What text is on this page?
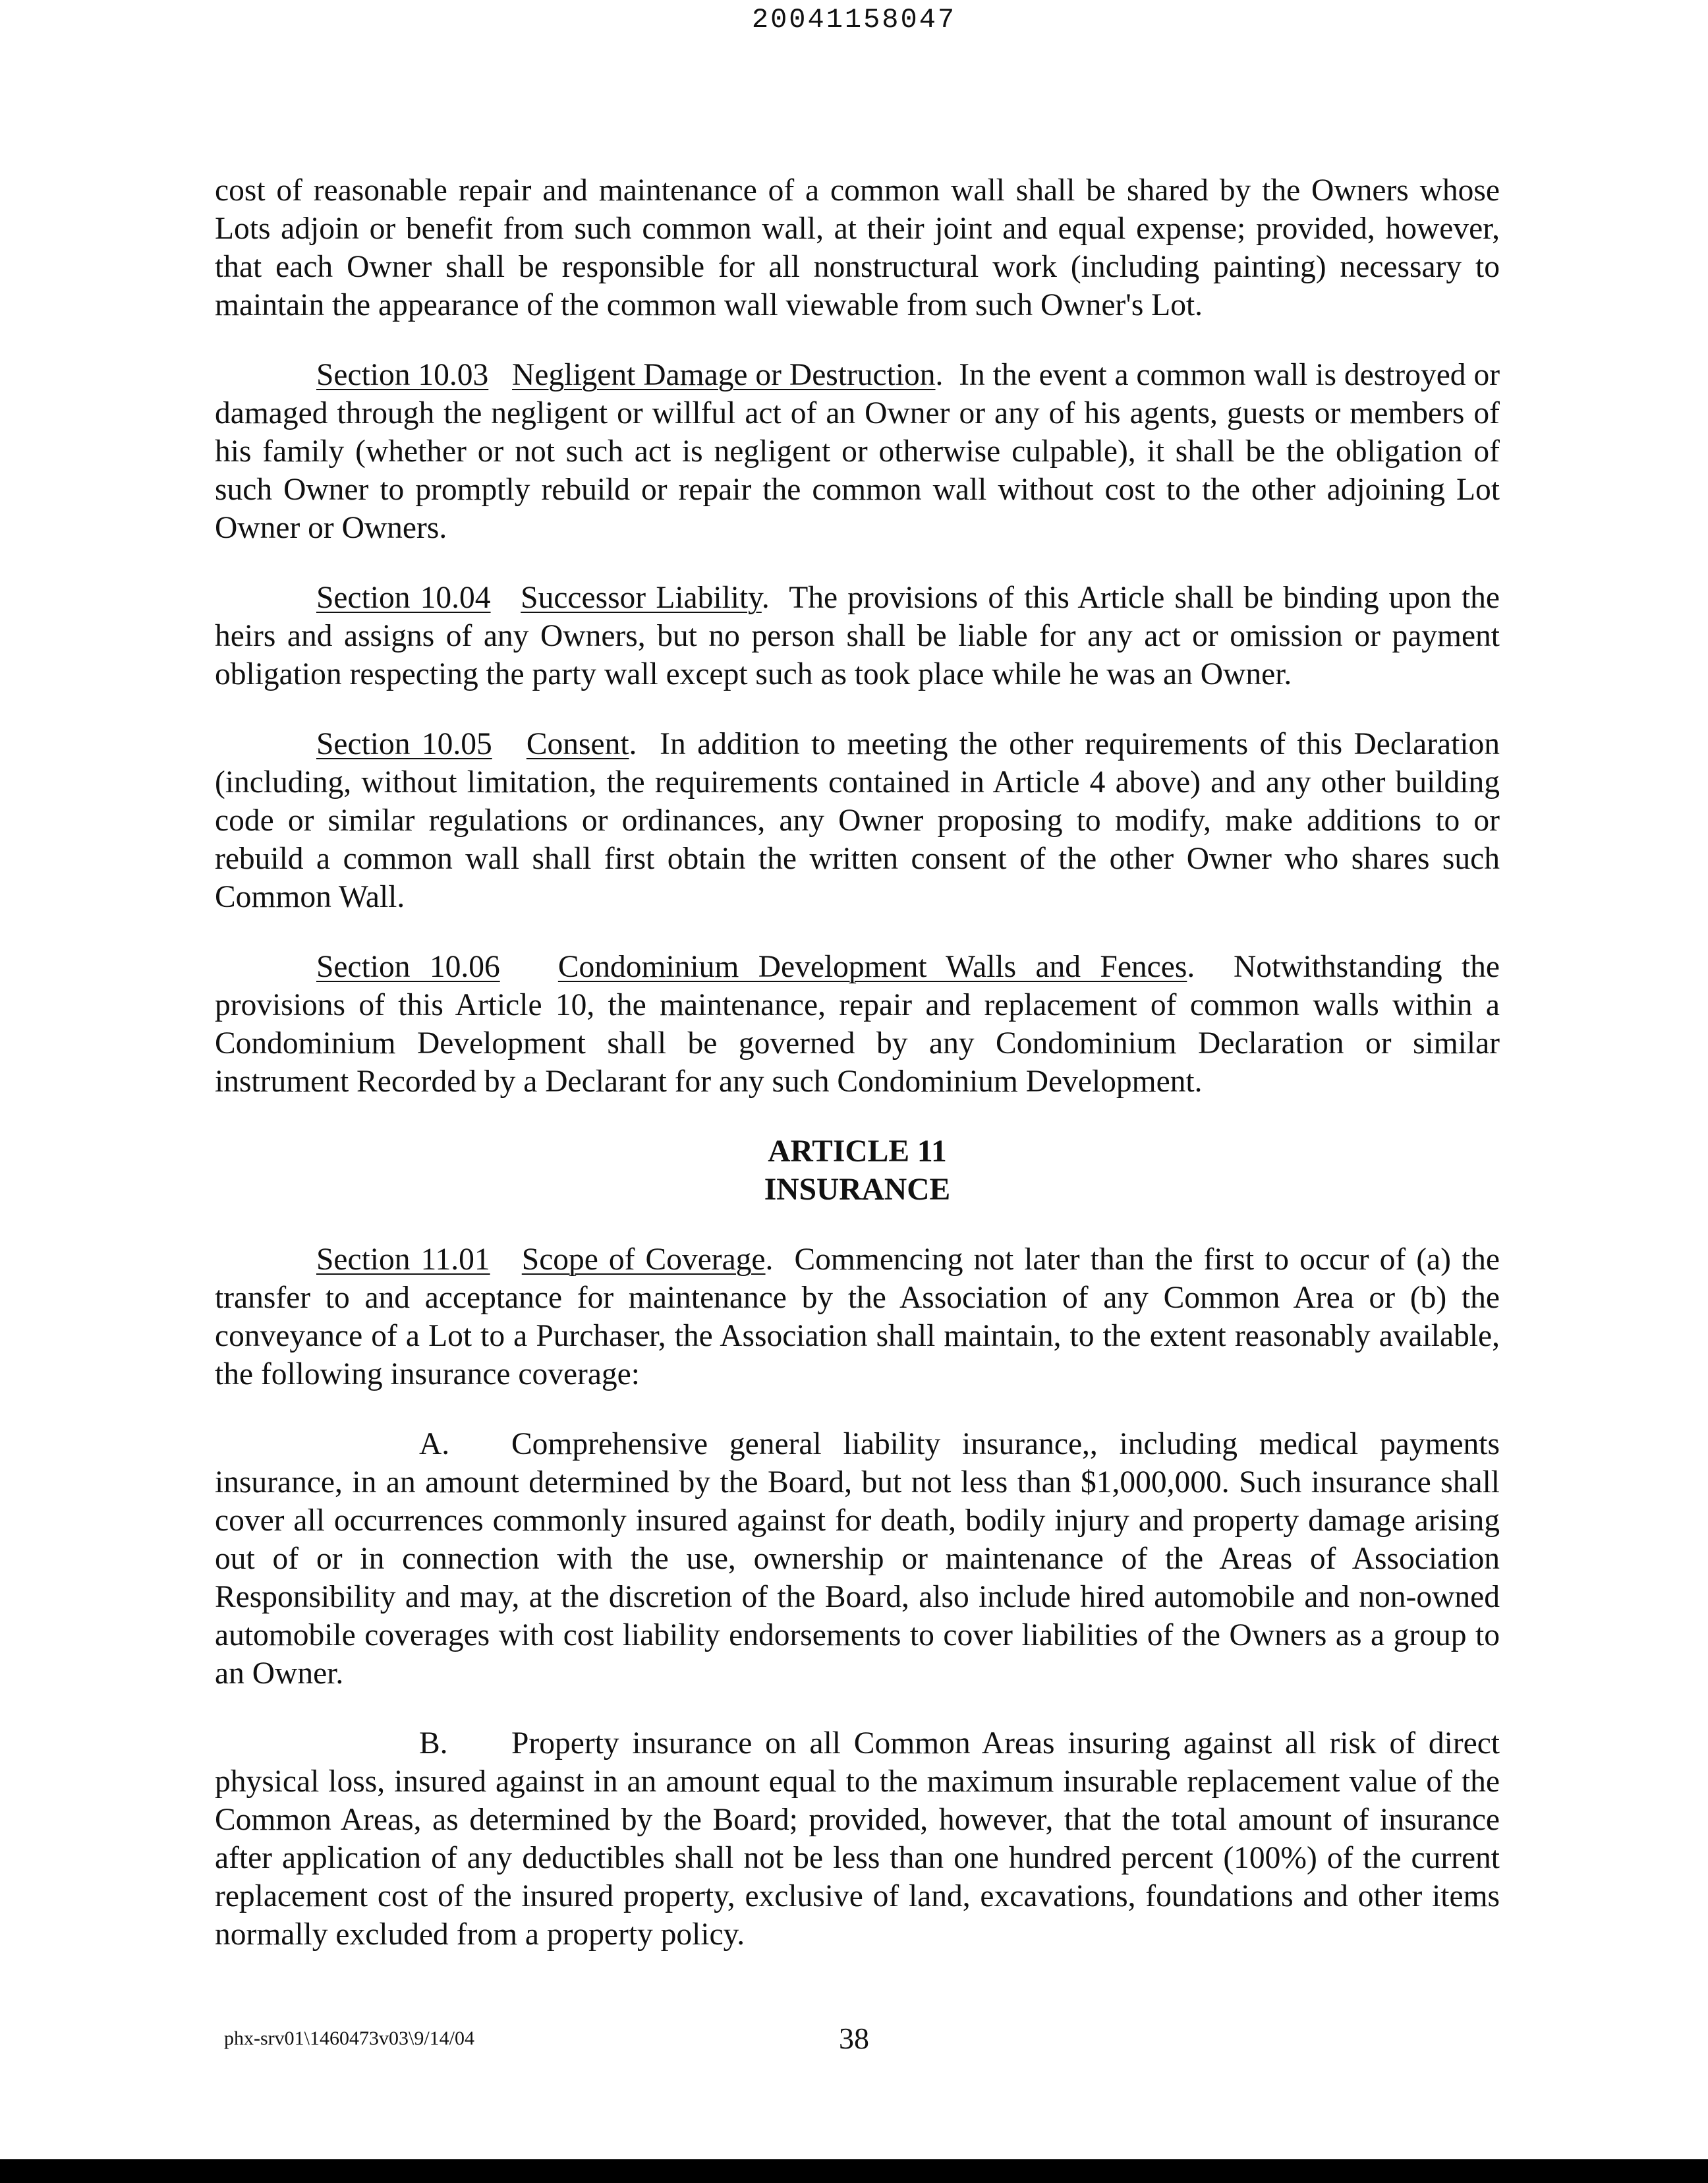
20041158047

cost of reasonable repair and maintenance of a common wall shall be shared by the Owners whose Lots adjoin or benefit from such common wall, at their joint and equal expense; provided, however, that each Owner shall be responsible for all nonstructural work (including painting) necessary to maintain the appearance of the common wall viewable from such Owner's Lot.

Section 10.03 Negligent Damage or Destruction.  In the event a common wall is destroyed or damaged through the negligent or willful act of an Owner or any of his agents, guests or members of his family (whether or not such act is negligent or otherwise culpable), it shall be the obligation of such Owner to promptly rebuild or repair the common wall without cost to the other adjoining Lot Owner or Owners.

Section 10.04 Successor Liability.  The provisions of this Article shall be binding upon the heirs and assigns of any Owners, but no person shall be liable for any act or omission or payment obligation respecting the party wall except such as took place while he was an Owner.

Section 10.05 Consent.  In addition to meeting the other requirements of this Declaration (including, without limitation, the requirements contained in Article 4 above) and any other building code or similar regulations or ordinances, any Owner proposing to modify, make additions to or rebuild a common wall shall first obtain the written consent of the other Owner who shares such Common Wall.

Section 10.06 Condominium Development Walls and Fences.  Notwithstanding the provisions of this Article 10, the maintenance, repair and replacement of common walls within a Condominium Development shall be governed by any Condominium Declaration or similar instrument Recorded by a Declarant for any such Condominium Development.

ARTICLE 11
INSURANCE

Section 11.01 Scope of Coverage.  Commencing not later than the first to occur of (a) the transfer to and acceptance for maintenance by the Association of any Common Area or (b) the conveyance of a Lot to a Purchaser, the Association shall maintain, to the extent reasonably available, the following insurance coverage:

A. Comprehensive general liability insurance,, including medical payments insurance, in an amount determined by the Board, but not less than $1,000,000. Such insurance shall cover all occurrences commonly insured against for death, bodily injury and property damage arising out of or in connection with the use, ownership or maintenance of the Areas of Association Responsibility and may, at the discretion of the Board, also include hired automobile and non-owned automobile coverages with cost liability endorsements to cover liabilities of the Owners as a group to an Owner.

B. Property insurance on all Common Areas insuring against all risk of direct physical loss, insured against in an amount equal to the maximum insurable replacement value of the Common Areas, as determined by the Board; provided, however, that the total amount of insurance after application of any deductibles shall not be less than one hundred percent (100%) of the current replacement cost of the insured property, exclusive of land, excavations, foundations and other items normally excluded from a property policy.

phx-srv01\1460473v03\9/14/04	38
